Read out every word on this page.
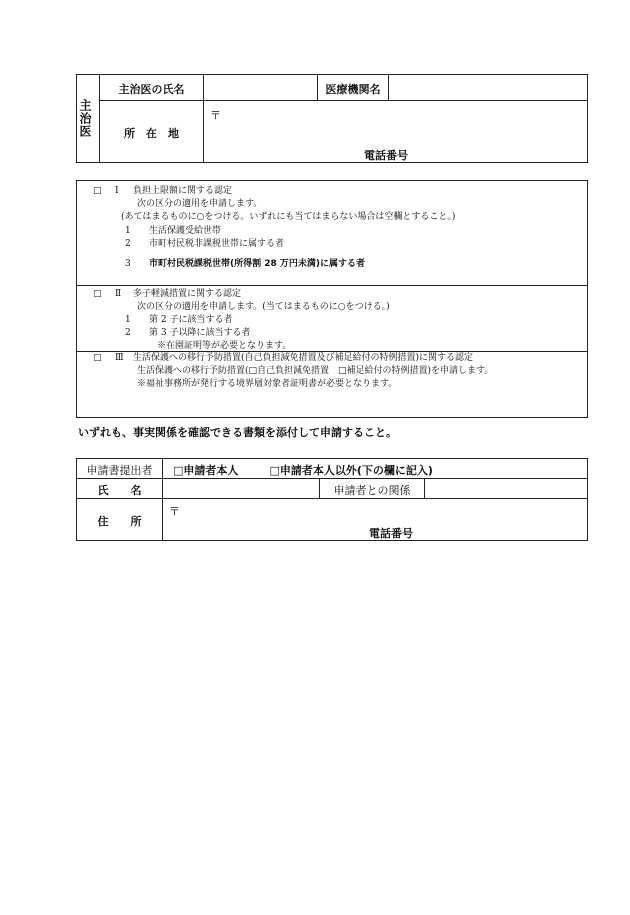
主治医	主治医の氏名		医療機関名	
	所　在　地	〒
電話番号		
□ Ⅰ 負担上限額に関する認定
次の区分の適用を申請します。
(あてはまるものに○をつける。いずれにも当てはまらない場合は空欄とすること。)
1 生活保護受給世帯
2 市町村民税非課税世帯に属する者
3 市町村民税課税世帯(所得割 28 万円未満)に属する者
□ Ⅱ 多子軽減措置に関する認定
次の区分の適用を申請します。(当てはまるものに○をつける。)
1 第 2 子に該当する者
2 第 3 子以降に該当する者
※在園証明等が必要となります。
□ Ⅲ 生活保護への移行予防措置(自己負担減免措置及び補足給付の特例措置)に関する認定
生活保護への移行予防措置(□自己負担減免措置　□補足給付の特例措置)を申請します。
※福祉事務所が発行する境界層対象者証明書が必要となります。
いずれも、事実関係を確認できる書類を添付して申請すること。
申請書提出者	□申請者本人 □申請者本人以外(下の欄に記入)		
氏　　名		申請者との関係	
住　　所	〒
電話番号		
